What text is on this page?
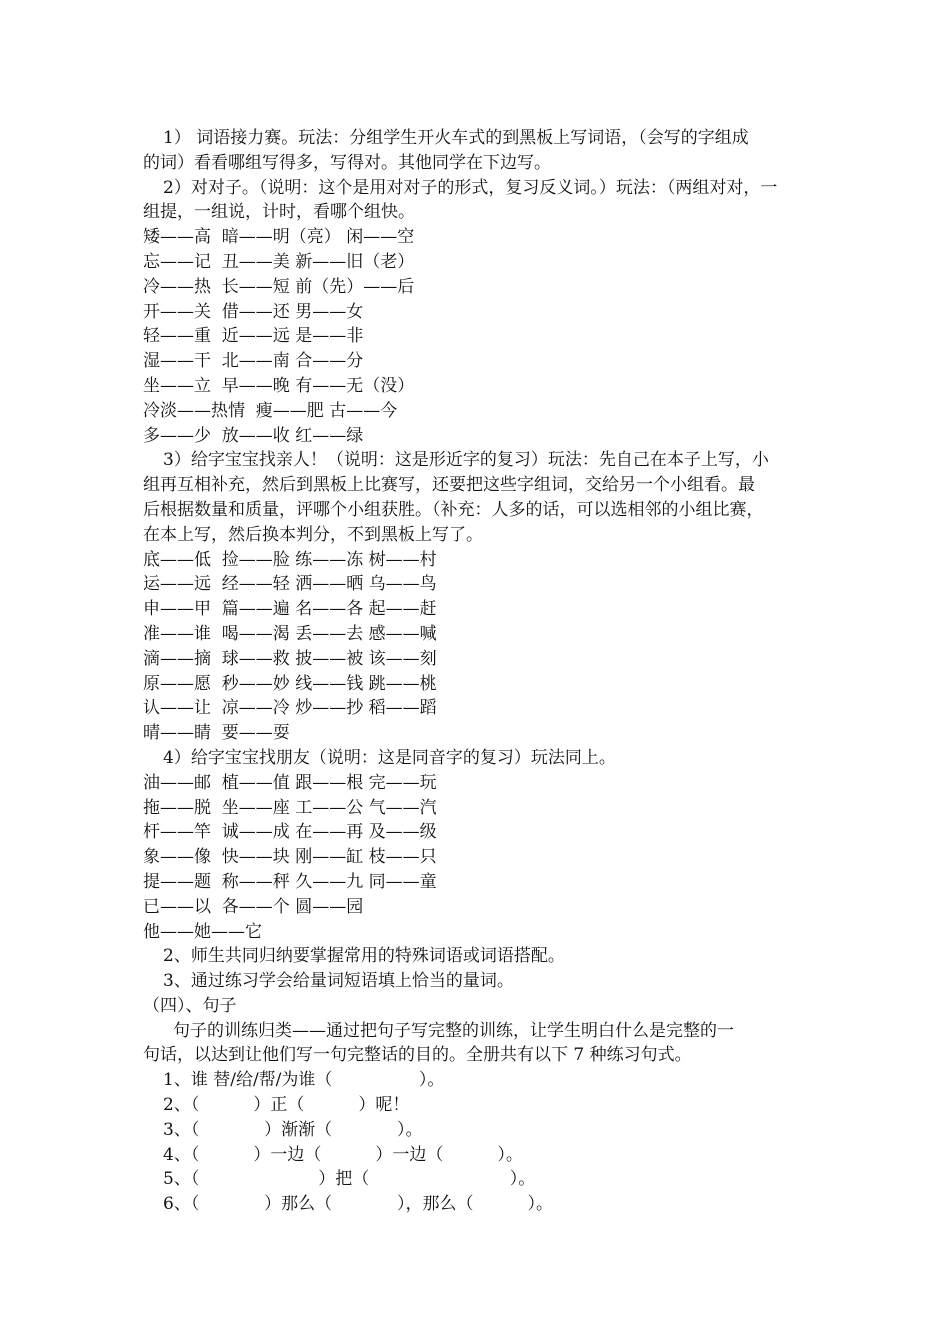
1） 词语接力赛。玩法：分组学生开火车式的到黑板上写词语，（会写的字组成
的词）看看哪组写得多，写得对。其他同学在下边写。
2）对对子。（说明：这个是用对对子的形式，复习反义词。）玩法：（两组对对，一
组提，一组说，计时，看哪个组快。
矮——高  暗——明（亮） 闲——空
忘——记  丑——美 新——旧（老）
冷——热  长——短 前（先）——后
开——关  借——还 男——女
轻——重  近——远 是——非
湿——干  北——南 合——分
坐——立  早——晚 有——无（没）
冷淡——热情  瘦——肥 古——今
多——少  放——收 红——绿
3）给字宝宝找亲人！（说明：这是形近字的复习）玩法：先自己在本子上写，小
组再互相补充，然后到黑板上比赛写，还要把这些字组词，交给另一个小组看。最
后根据数量和质量，评哪个小组获胜。（补充：人多的话，可以选相邻的小组比赛，
在本上写，然后换本判分，不到黑板上写了。
底——低  捡——脸 练——冻 树——村
运——远  经——轻 洒——晒 乌——鸟
申——甲  篇——遍 名——各 起——赶
准——谁  喝——渴 丢——去 感——喊
滴——摘  球——救 披——被 该——刻
原——愿  秒——妙 线——钱 跳——桃
认——让  凉——冷 炒——抄 稻——蹈
晴——睛  要——耍
4）给字宝宝找朋友（说明：这是同音字的复习）玩法同上。
油——邮  植——值 跟——根 完——玩
拖——脱  坐——座 工——公 气——汽
杆——竿  诚——成 在——再 及——级
象——像  快——块 刚——缸 枝——只
提——题  称——秤 久——九 同——童
已——以  各——个 圆——园
他——她——它
2、师生共同归纳要掌握常用的特殊词语或词语搭配。
3、通过练习学会给量词短语填上恰当的量词。
（四）、句子
句子的训练归类——通过把句子写完整的训练，让学生明白什么是完整的一
句话，以达到让他们写一句完整话的目的。全册共有以下 7 种练习句式。
1、谁 替/给/帮/为谁（                ）。
2、（          ）正（          ）呢！
3、（            ）渐渐（            ）。
4、（          ）一边（          ）一边（          ）。
5、（                      ）把（                          ）。
6、（            ）那么（            ），那么（          ）。
